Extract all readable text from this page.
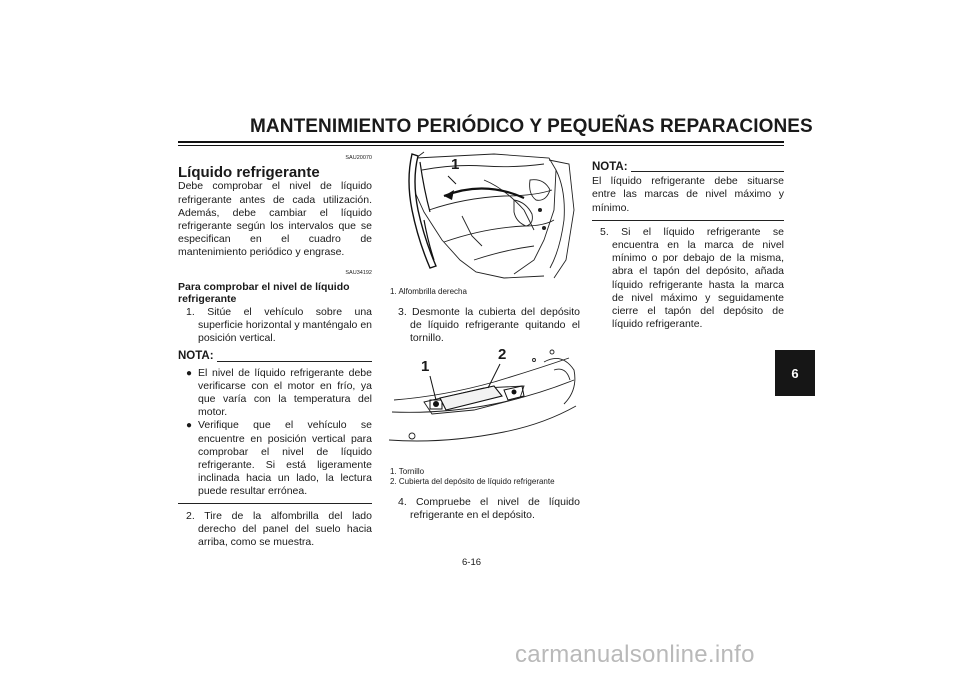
MANTENIMIENTO PERIÓDICO Y PEQUEÑAS REPARACIONES
6
SAU20070
Líquido refrigerante
Debe comprobar el nivel de líquido refrigerante antes de cada utilización. Además, debe cambiar el líquido refrigerante según los intervalos que se especifican en el cuadro de mantenimiento periódico y engrase.
SAU34192
Para comprobar el nivel de líquido refrigerante
1. Sitúe el vehículo sobre una superficie horizontal y manténgalo en posición vertical.
NOTA:
● El nivel de líquido refrigerante debe verificarse con el motor en frío, ya que varía con la temperatura del motor.
● Verifique que el vehículo se encuentre en posición vertical para comprobar el nivel de líquido refrigerante. Si está ligeramente inclinada hacia un lado, la lectura puede resultar errónea.
2. Tire de la alfombrilla del lado derecho del panel del suelo hacia arriba, como se muestra.
1
1. Alfombrilla derecha
3. Desmonte la cubierta del depósito de líquido refrigerante quitando el tornillo.
1
2
1. Tornillo
2. Cubierta del depósito de líquido refrigerante
4. Compruebe el nivel de líquido refrigerante en el depósito.
NOTA:
El líquido refrigerante debe situarse entre las marcas de nivel máximo y mínimo.
5. Si el líquido refrigerante se encuentra en la marca de nivel mínimo o por debajo de la misma, abra el tapón del depósito, añada líquido refrigerante hasta la marca de nivel máximo y seguidamente cierre el tapón del depósito de líquido refrigerante.
6-16
carmanualsonline.info
